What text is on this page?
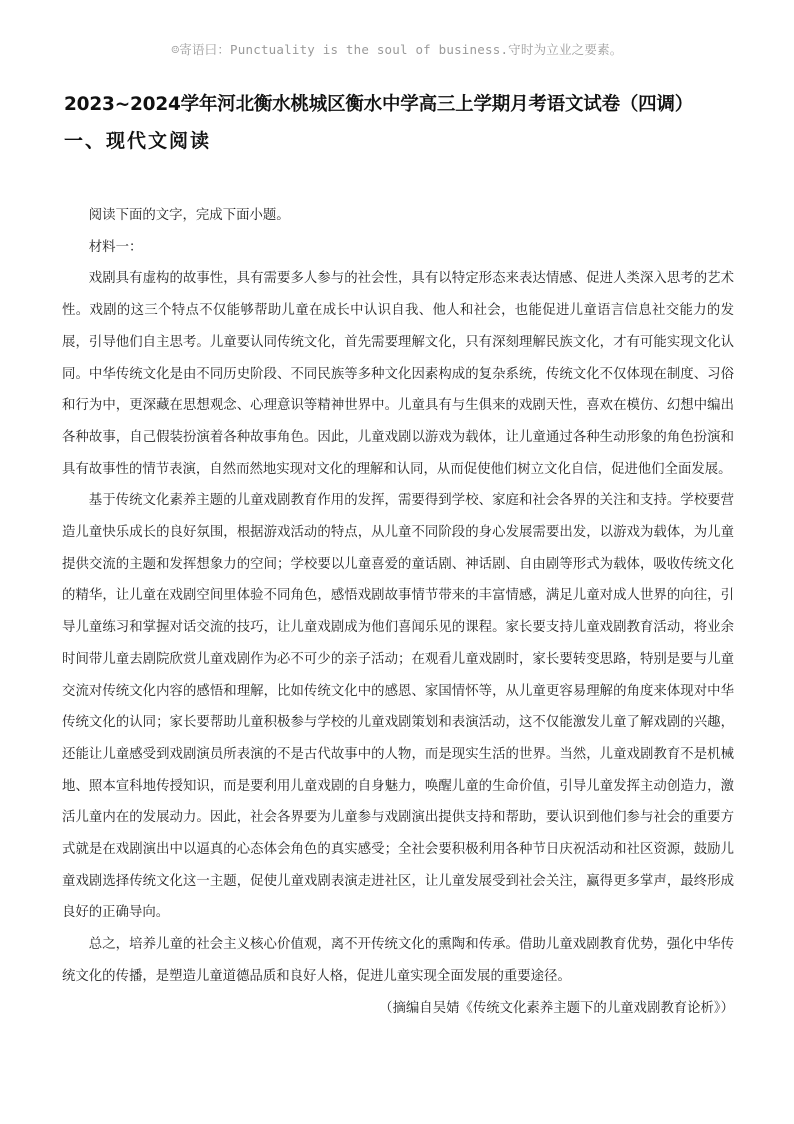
☺寄语曰：Punctuality is the soul of business.守时为立业之要素。
2023~2024学年河北衡水桃城区衡水中学高三上学期月考语文试卷（四调）
一、现代文阅读

阅读下面的文字，完成下面小题。

材料一：

戏剧具有虚构的故事性，具有需要多人参与的社会性，具有以特定形态来表达情感、促进人类深入思考的艺术性。戏剧的这三个特点不仅能够帮助儿童在成长中认识自我、他人和社会，也能促进儿童语言信息社交能力的发展，引导他们自主思考。儿童要认同传统文化，首先需要理解文化，只有深刻理解民族文化，才有可能实现文化认同。中华传统文化是由不同历史阶段、不同民族等多种文化因素构成的复杂系统，传统文化不仅体现在制度、习俗和行为中，更深藏在思想观念、心理意识等精神世界中。儿童具有与生俱来的戏剧天性，喜欢在模仿、幻想中编出各种故事，自己假装扮演着各种故事角色。因此，儿童戏剧以游戏为载体，让儿童通过各种生动形象的角色扮演和具有故事性的情节表演，自然而然地实现对文化的理解和认同，从而促使他们树立文化自信，促进他们全面发展。

基于传统文化素养主题的儿童戏剧教育作用的发挥，需要得到学校、家庭和社会各界的关注和支持。学校要营造儿童快乐成长的良好氛围，根据游戏活动的特点，从儿童不同阶段的身心发展需要出发，以游戏为载体，为儿童提供交流的主题和发挥想象力的空间；学校要以儿童喜爱的童话剧、神话剧、自由剧等形式为载体，吸收传统文化的精华，让儿童在戏剧空间里体验不同角色，感悟戏剧故事情节带来的丰富情感，满足儿童对成人世界的向往，引导儿童练习和掌握对话交流的技巧，让儿童戏剧成为他们喜闻乐见的课程。家长要支持儿童戏剧教育活动，将业余时间带儿童去剧院欣赏儿童戏剧作为必不可少的亲子活动；在观看儿童戏剧时，家长要转变思路，特别是要与儿童交流对传统文化内容的感悟和理解，比如传统文化中的感恩、家国情怀等，从儿童更容易理解的角度来体现对中华传统文化的认同；家长要帮助儿童积极参与学校的儿童戏剧策划和表演活动，这不仅能激发儿童了解戏剧的兴趣，还能让儿童感受到戏剧演员所表演的不是古代故事中的人物，而是现实生活的世界。当然，儿童戏剧教育不是机械地、照本宣科地传授知识，而是要利用儿童戏剧的自身魅力，唤醒儿童的生命价值，引导儿童发挥主动创造力，激活儿童内在的发展动力。因此，社会各界要为儿童参与戏剧演出提供支持和帮助，要认识到他们参与社会的重要方式就是在戏剧演出中以逼真的心态体会角色的真实感受；全社会要积极利用各种节日庆祝活动和社区资源，鼓励儿童戏剧选择传统文化这一主题，促使儿童戏剧表演走进社区，让儿童发展受到社会关注，赢得更多掌声，最终形成良好的正确导向。

总之，培养儿童的社会主义核心价值观，离不开传统文化的熏陶和传承。借助儿童戏剧教育优势，强化中华传统文化的传播，是塑造儿童道德品质和良好人格，促进儿童实现全面发展的重要途径。

（摘编自吴婧《传统文化素养主题下的儿童戏剧教育论析》）
